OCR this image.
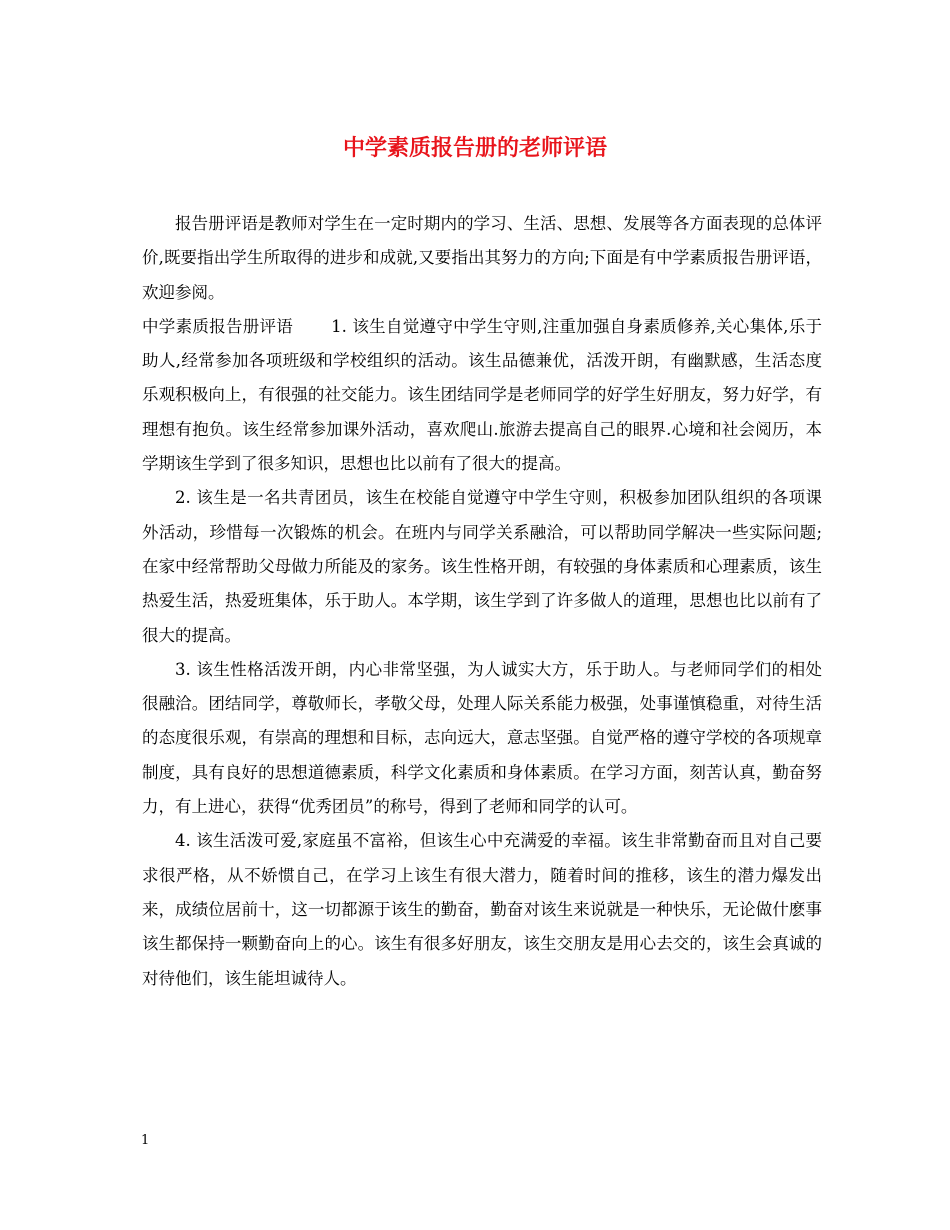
中学素质报告册的老师评语

报告册评语是教师对学生在一定时期内的学习、生活、思想、发展等各方面表现的总体评价,既要指出学生所取得的进步和成就,又要指出其努力的方向;下面是有中学素质报告册评语，欢迎参阅。

中学素质报告册评语 1. 该生自觉遵守中学生守则,注重加强自身素质修养,关心集体,乐于助人,经常参加各项班级和学校组织的活动。该生品德兼优，活泼开朗，有幽默感，生活态度乐观积极向上，有很强的社交能力。该生团结同学是老师同学的好学生好朋友，努力好学，有理想有抱负。该生经常参加课外活动，喜欢爬山.旅游去提高自己的眼界.心境和社会阅历，本学期该生学到了很多知识，思想也比以前有了很大的提高。

2. 该生是一名共青团员，该生在校能自觉遵守中学生守则，积极参加团队组织的各项课外活动，珍惜每一次锻炼的机会。在班内与同学关系融洽，可以帮助同学解决一些实际问题;在家中经常帮助父母做力所能及的家务。该生性格开朗，有较强的身体素质和心理素质，该生热爱生活，热爱班集体，乐于助人。本学期，该生学到了许多做人的道理，思想也比以前有了很大的提高。

3. 该生性格活泼开朗，内心非常坚强，为人诚实大方，乐于助人。与老师同学们的相处很融洽。团结同学，尊敬师长，孝敬父母，处理人际关系能力极强，处事谨慎稳重，对待生活的态度很乐观，有崇高的理想和目标，志向远大，意志坚强。自觉严格的遵守学校的各项规章制度，具有良好的思想道德素质，科学文化素质和身体素质。在学习方面，刻苦认真，勤奋努力，有上进心，获得“优秀团员”的称号，得到了老师和同学的认可。

4. 该生活泼可爱,家庭虽不富裕，但该生心中充满爱的幸福。该生非常勤奋而且对自己要求很严格，从不娇惯自己，在学习上该生有很大潜力，随着时间的推移，该生的潜力爆发出来，成绩位居前十，这一切都源于该生的勤奋，勤奋对该生来说就是一种快乐，无论做什麽事该生都保持一颗勤奋向上的心。该生有很多好朋友，该生交朋友是用心去交的，该生会真诚的对待他们，该生能坦诚待人。

1
